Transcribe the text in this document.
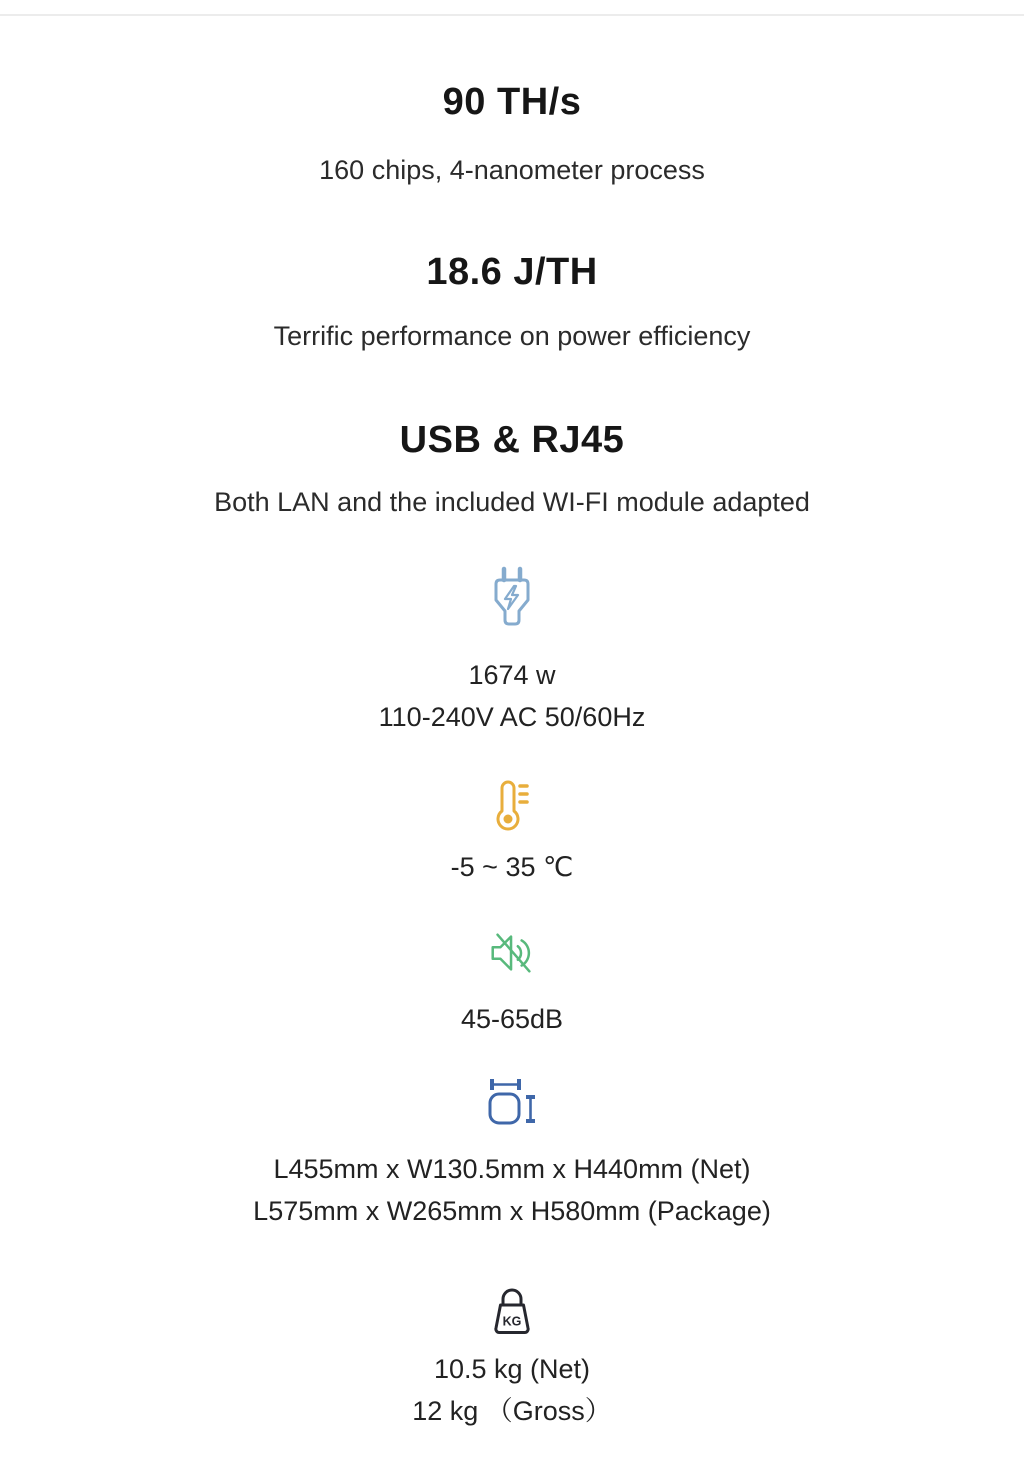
90 TH/s
160 chips, 4-nanometer process
18.6 J/TH
Terrific performance on power efficiency
USB & RJ45
Both LAN and the included WI-FI module adapted
1674 w
110-240V AC 50/60Hz
-5 ~ 35 ℃
45-65dB
L455mm x W130.5mm x H440mm (Net)
L575mm x W265mm x H580mm (Package)
KG
10.5 kg (Net)
12 kg （Gross）
